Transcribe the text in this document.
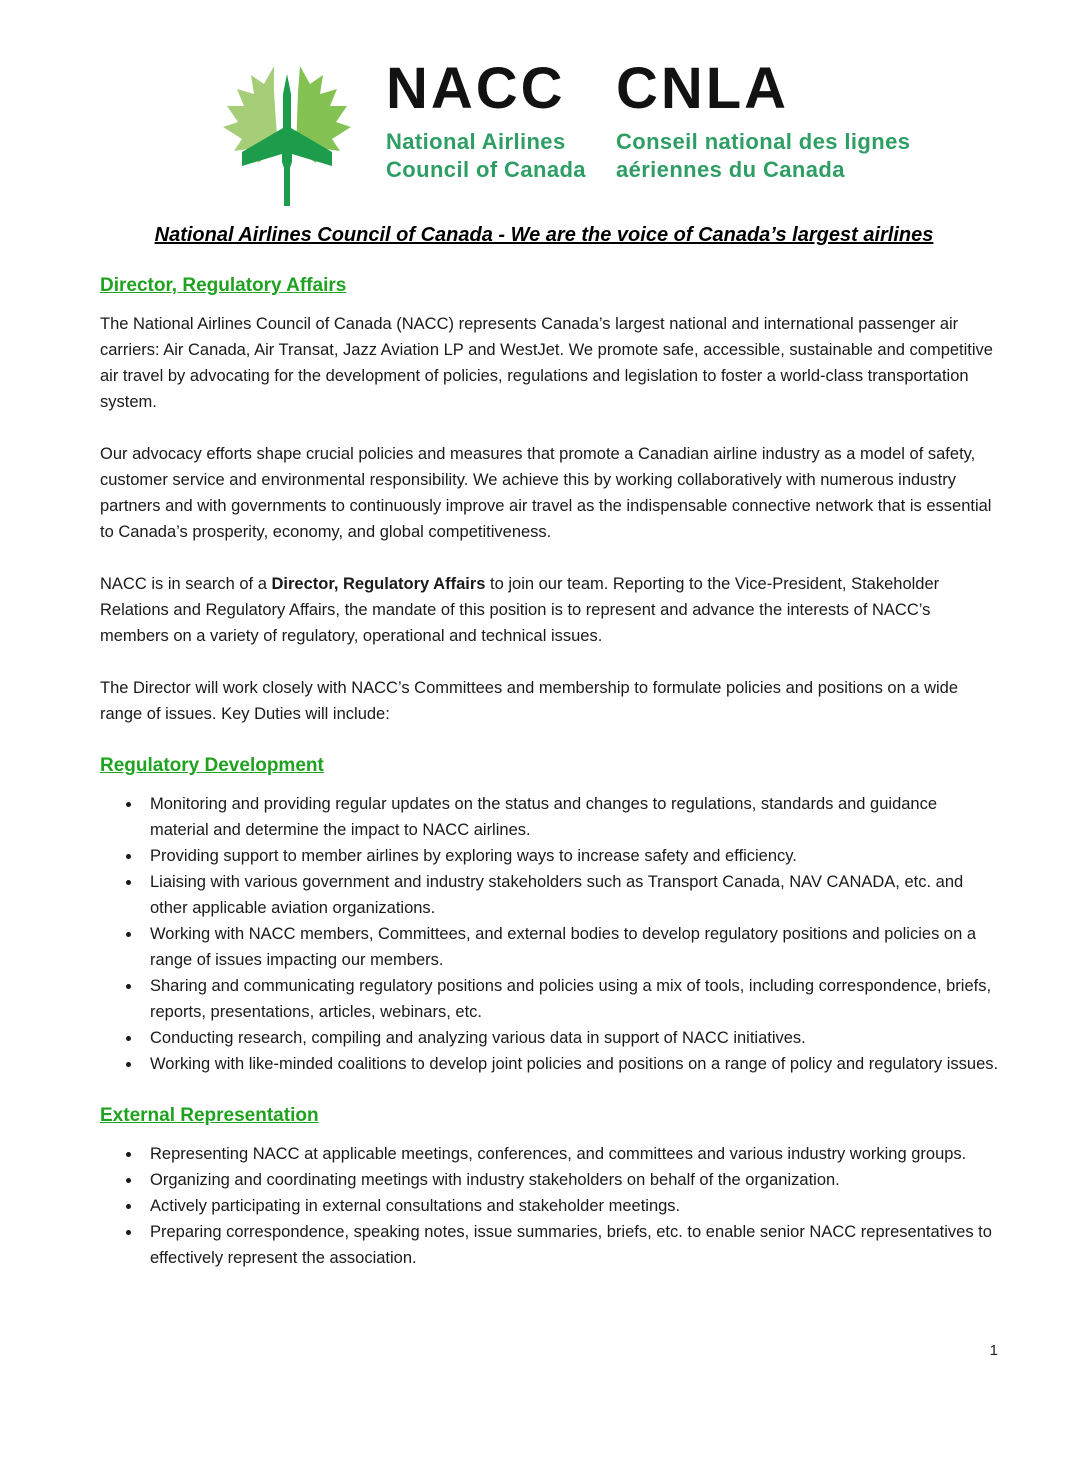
NACC
National Airlines
Council of Canada
CNLA
Conseil national des lignes
aériennes du Canada
National Airlines Council of Canada - We are the voice of Canada’s largest airlines
Director, Regulatory Affairs

The National Airlines Council of Canada (NACC) represents Canada’s largest national and international passenger air carriers: Air Canada, Air Transat, Jazz Aviation LP and WestJet. We promote safe, accessible, sustainable and competitive air travel by advocating for the development of policies, regulations and legislation to foster a world-class transportation system.

Our advocacy efforts shape crucial policies and measures that promote a Canadian airline industry as a model of safety, customer service and environmental responsibility. We achieve this by working collaboratively with numerous industry partners and with governments to continuously improve air travel as the indispensable connective network that is essential to Canada’s prosperity, economy, and global competitiveness.

NACC is in search of a Director, Regulatory Affairs to join our team. Reporting to the Vice-President, Stakeholder Relations and Regulatory Affairs, the mandate of this position is to represent and advance the interests of NACC’s members on a variety of regulatory, operational and technical issues.

The Director will work closely with NACC’s Committees and membership to formulate policies and positions on a wide range of issues. Key Duties will include:

Regulatory Development
• Monitoring and providing regular updates on the status and changes to regulations, standards and guidance material and determine the impact to NACC airlines.
• Providing support to member airlines by exploring ways to increase safety and efficiency.
• Liaising with various government and industry stakeholders such as Transport Canada, NAV CANADA, etc. and other applicable aviation organizations.
• Working with NACC members, Committees, and external bodies to develop regulatory positions and policies on a range of issues impacting our members.
• Sharing and communicating regulatory positions and policies using a mix of tools, including correspondence, briefs, reports, presentations, articles, webinars, etc.
• Conducting research, compiling and analyzing various data in support of NACC initiatives.
• Working with like-minded coalitions to develop joint policies and positions on a range of policy and regulatory issues.
External Representation
• Representing NACC at applicable meetings, conferences, and committees and various industry working groups.
• Organizing and coordinating meetings with industry stakeholders on behalf of the organization.
• Actively participating in external consultations and stakeholder meetings.
• Preparing correspondence, speaking notes, issue summaries, briefs, etc. to enable senior NACC representatives to effectively represent the association.
1
